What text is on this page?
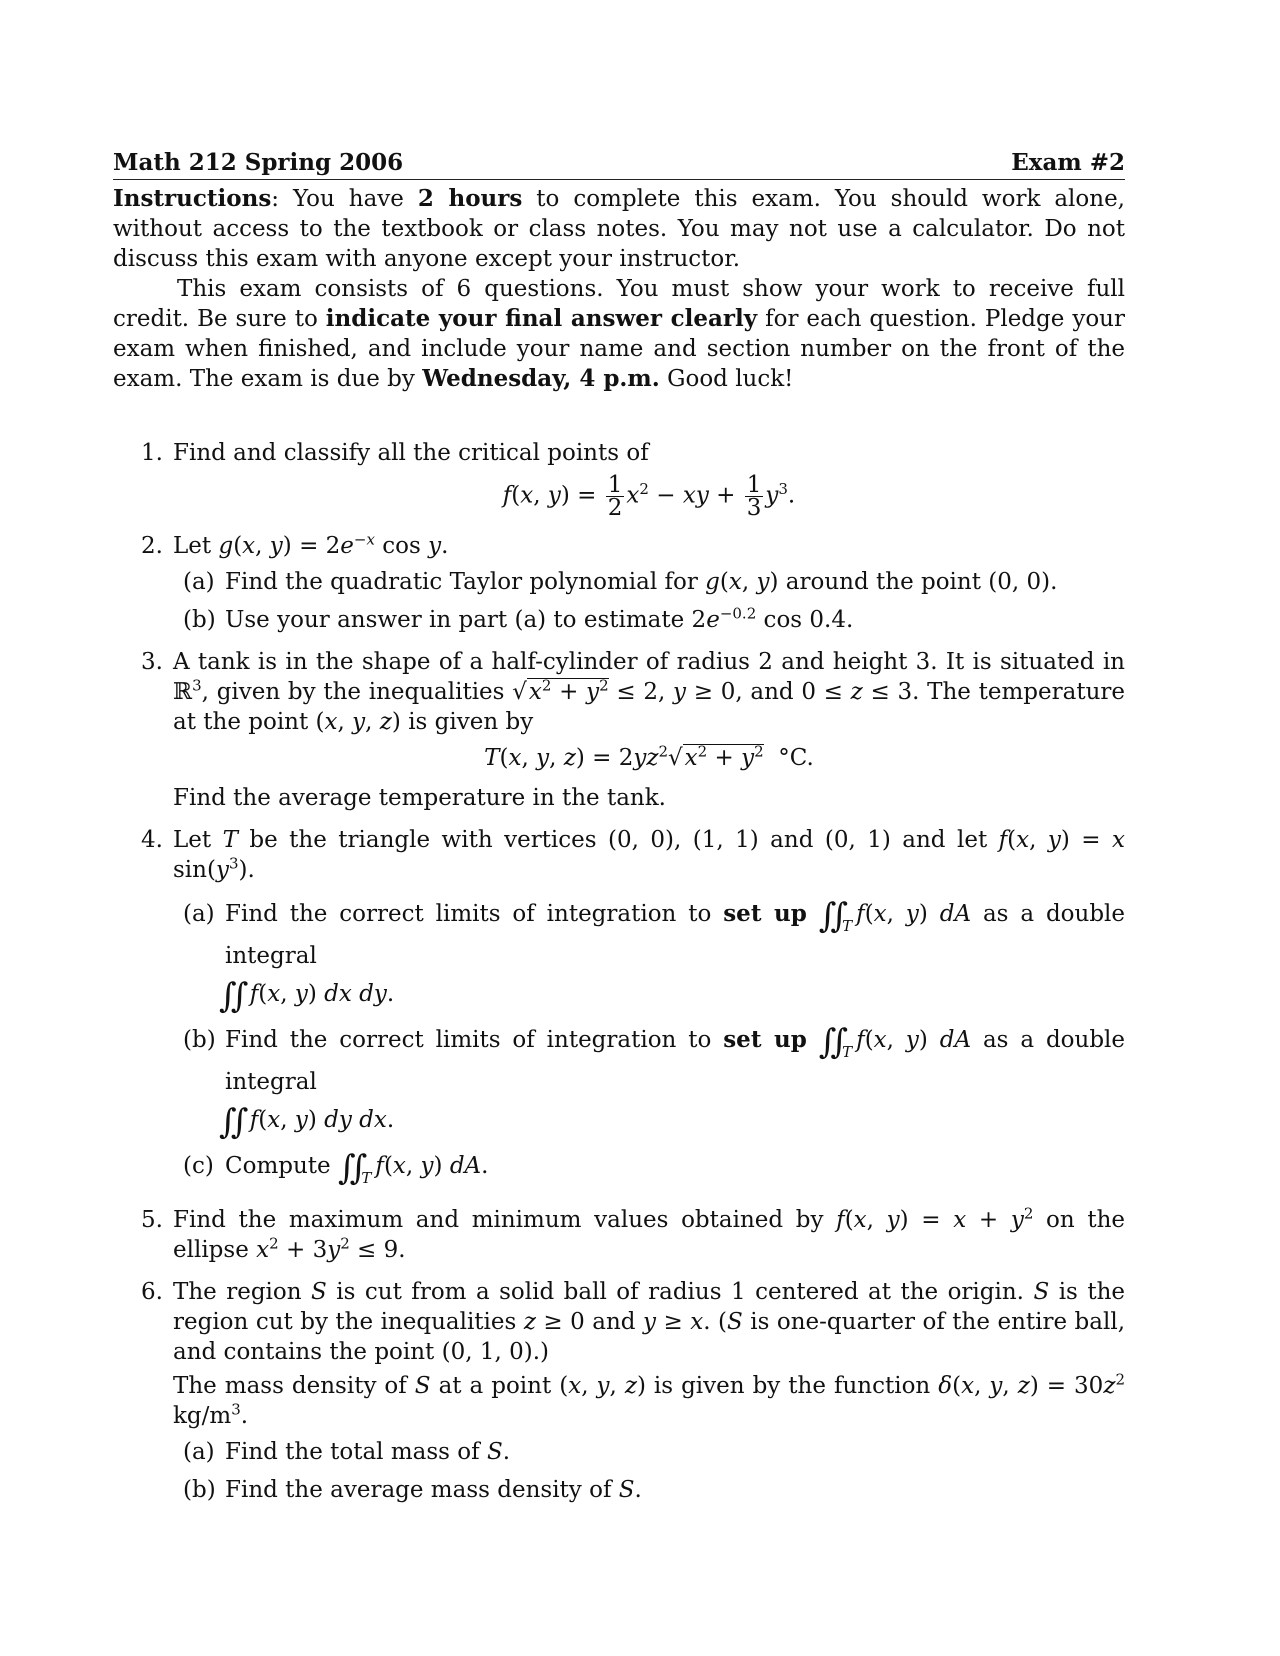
Math 212 Spring 2006	Exam #2

Instructions: You have 2 hours to complete this exam. You should work alone, without access to the textbook or class notes. You may not use a calculator. Do not discuss this exam with anyone except your instructor.

This exam consists of 6 questions. You must show your work to receive full credit. Be sure to indicate your final answer clearly for each question. Pledge your exam when finished, and include your name and section number on the front of the exam. The exam is due by Wednesday, 4 p.m. Good luck!

1. Find and classify all the critical points of
f(x, $y) = \frac{1}{2} x^2$ − xy + $\frac{1}{3} y^3$.
2. Let g(x, $y) = 2e^{-x}$ cos y.
(a) Find the quadratic Taylor polynomial for g(x, y) around the point (0, 0).
(b) Use your answer in part (a) to estimate $2e^{-0.2}$ cos 0.4.
3. A tank is in the shape of a half-cylinder of radius 2 and height 3. It is situated in ℝ$^3$, given by the inequalities $√x^2 + y^2 \le 2$, y ≥ 0, and 0 ≤ z ≤ 3. The temperature at the point (x, y, z) is given by
T(x, y, $z) = 2yz^2√x^2 + y^2$ °C.
Find the average temperature in the tank.
4. Let T be the triangle with vertices (0, 0), (1, 1) and (0, 1) and let f(x, y) = x $\sin(y^3)$.
(a) Find the correct limits of integration to set up $\int\int_T$ f(x, y) dA as a double integral
∫∫ f(x, y) dx dy.
(b) Find the correct limits of integration to set up $\int\int_T$ f(x, y) dA as a double integral
∫∫ f(x, y) dy dx.
(c) Compute $\int\int_T$ f(x, y) dA.
5. Find the maximum and minimum values obtained by f(x, $y) = x + y^2$ on the ellipse $x^2 + 3y^2 \le 9$.
6. The region S is cut from a solid ball of radius 1 centered at the origin. S is the region cut by the inequalities z ≥ 0 and y ≥ x. (S is one-quarter of the entire ball, and contains the point (0, 1, 0).)
The mass density of S at a point (x, y, z) is given by the function δ(x, y, $z) = 30z^2$ $kg/m^3$.
(a) Find the total mass of S.
(b) Find the average mass density of S.
